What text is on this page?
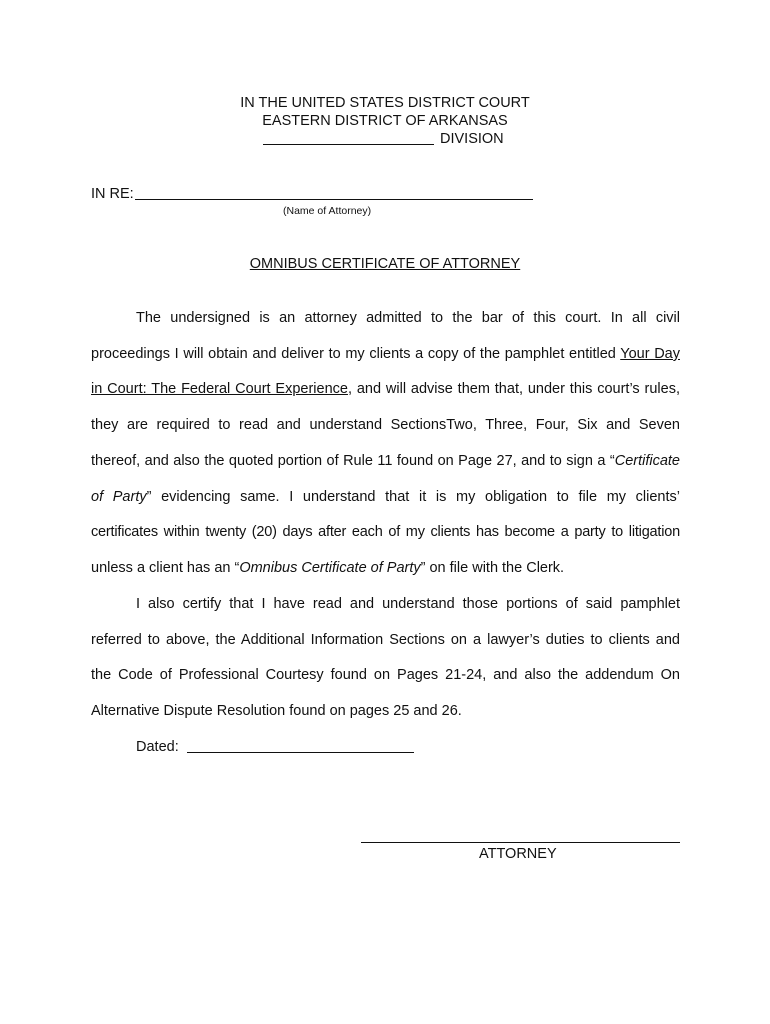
IN THE UNITED STATES DISTRICT COURT
EASTERN DISTRICT OF ARKANSAS
DIVISION
IN RE:
(Name of Attorney)
OMNIBUS CERTIFICATE OF ATTORNEY
The undersigned is an attorney admitted to the bar of this court. In all civil
proceedings I will obtain and deliver to my clients a copy of the pamphlet entitled Your Day
in Court: The Federal Court Experience, and will advise them that, under this court’s rules,
they are required to read and understand SectionsTwo, Three, Four, Six and Seven
thereof, and also the quoted portion of Rule 11 found on Page 27, and to sign a “Certificate
of Party” evidencing same. I understand that it is my obligation to file my clients’
certificates within twenty (20) days after each of my clients has become a party to litigation
unless a client has an “Omnibus Certificate of Party” on file with the Clerk.
I also certify that I have read and understand those portions of said pamphlet
referred to above, the Additional Information Sections on a lawyer’s duties to clients and
the Code of Professional Courtesy found on Pages 21-24, and also the addendum On
Alternative Dispute Resolution found on pages 25 and 26.
Dated:
ATTORNEY
